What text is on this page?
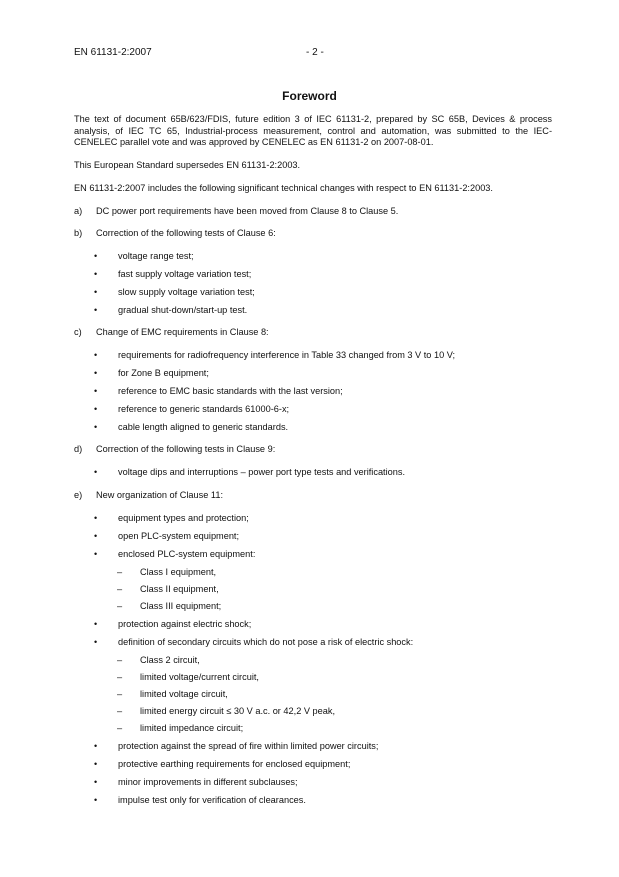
EN 61131-2:2007	- 2 -
Foreword
The text of document 65B/623/FDIS, future edition 3 of IEC 61131-2, prepared by SC 65B, Devices & process analysis, of IEC TC 65, Industrial-process measurement, control and automation, was submitted to the IEC-CENELEC parallel vote and was approved by CENELEC as EN 61131-2 on 2007-08-01.
This European Standard supersedes EN 61131-2:2003.
EN 61131-2:2007 includes the following significant technical changes with respect to EN 61131-2:2003.
a) DC power port requirements have been moved from Clause 8 to Clause 5.
b) Correction of the following tests of Clause 6:
• voltage range test;
• fast supply voltage variation test;
• slow supply voltage variation test;
• gradual shut-down/start-up test.
c) Change of EMC requirements in Clause 8:
• requirements for radiofrequency interference in Table 33 changed from 3 V to 10 V;
• for Zone B equipment;
• reference to EMC basic standards with the last version;
• reference to generic standards 61000-6-x;
• cable length aligned to generic standards.
d) Correction of the following tests in Clause 9:
• voltage dips and interruptions – power port type tests and verifications.
e) New organization of Clause 11:
• equipment types and protection;
• open PLC-system equipment;
• enclosed PLC-system equipment:
– Class I equipment,
– Class II equipment,
– Class III equipment;
• protection against electric shock;
• definition of secondary circuits which do not pose a risk of electric shock:
– Class 2 circuit,
– limited voltage/current circuit,
– limited voltage circuit,
– limited energy circuit ≤ 30 V a.c. or 42,2 V peak,
– limited impedance circuit;
• protection against the spread of fire within limited power circuits;
• protective earthing requirements for enclosed equipment;
• minor improvements in different subclauses;
• impulse test only for verification of clearances.
